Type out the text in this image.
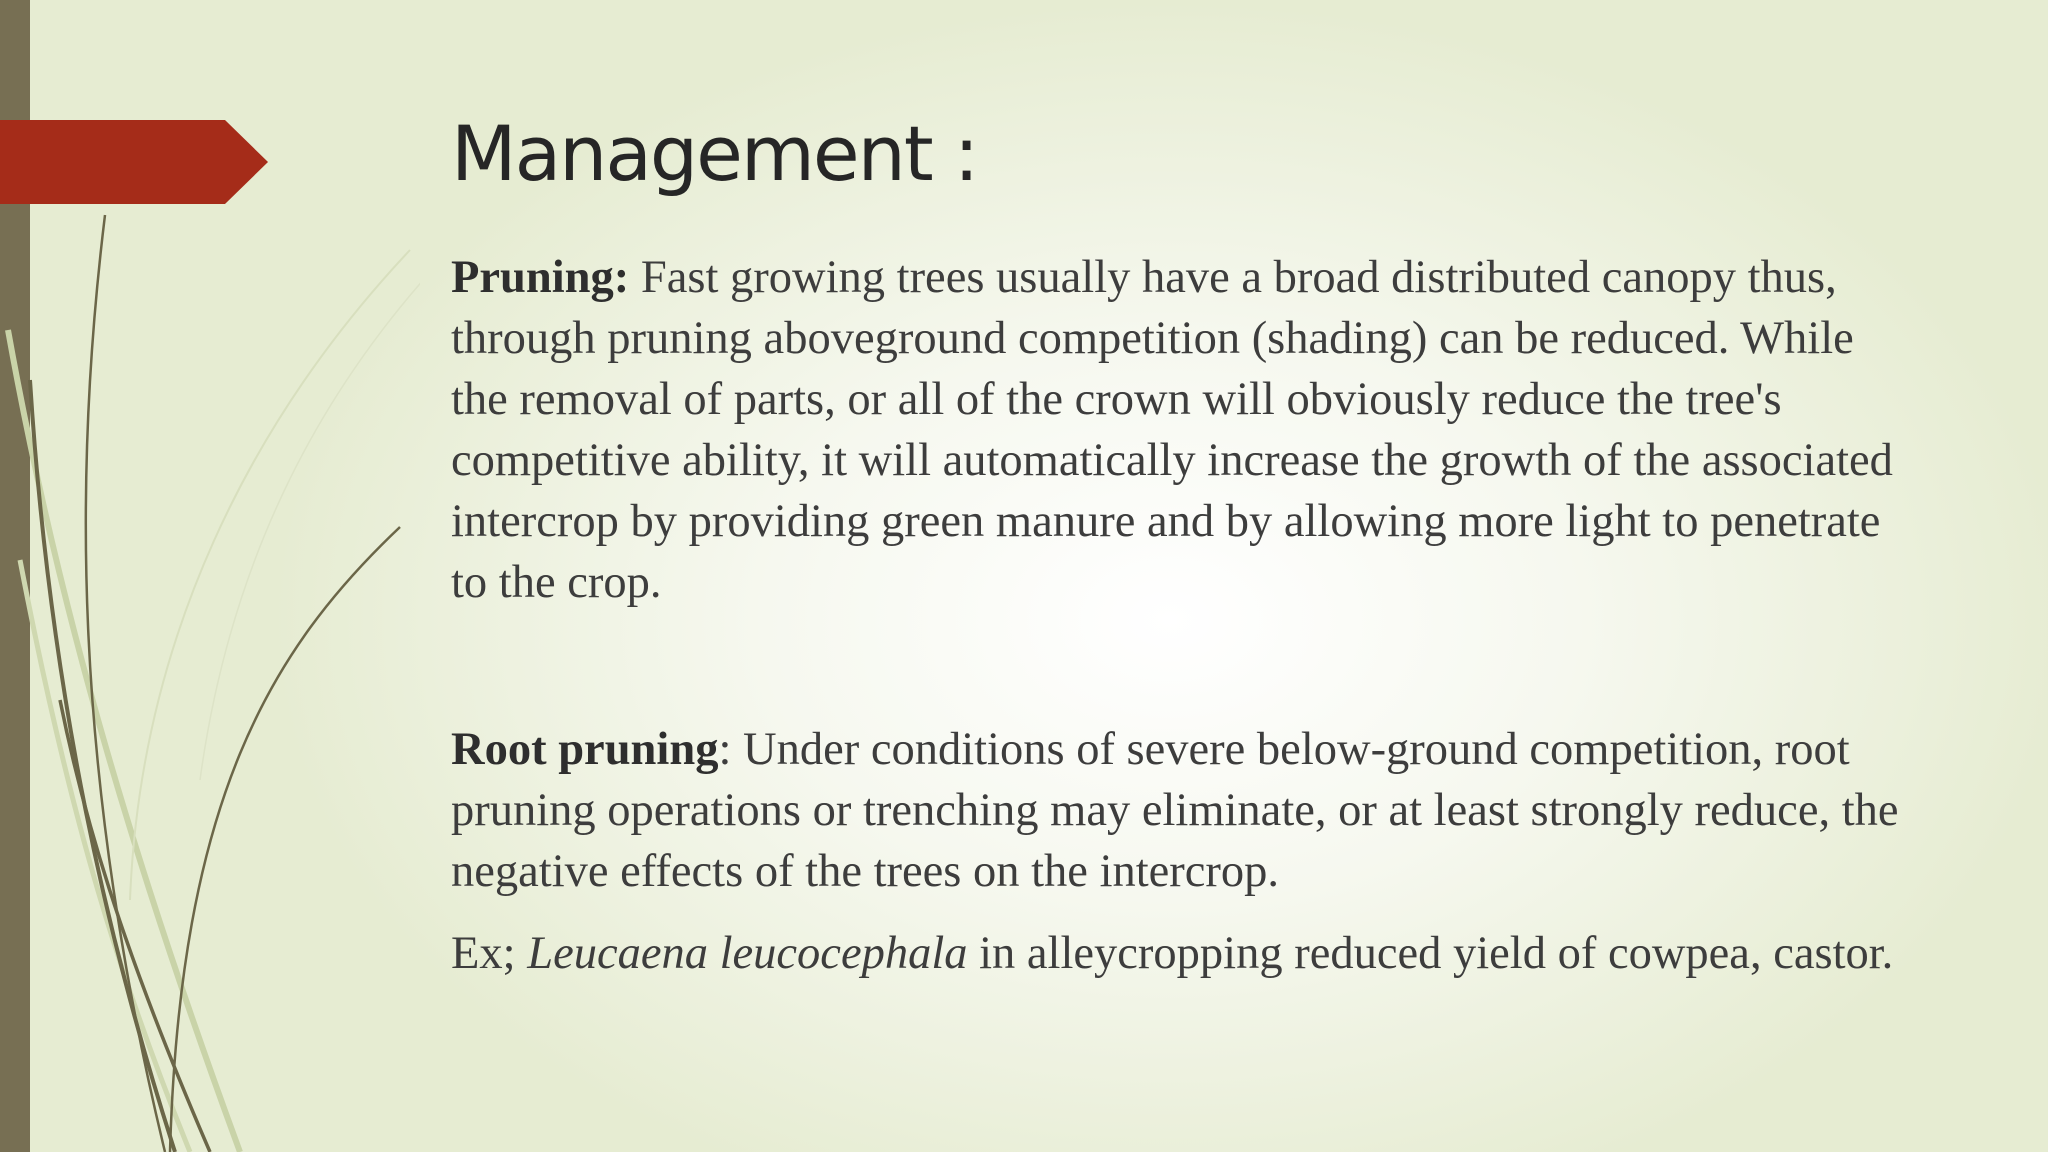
Management :

Pruning: Fast growing trees usually have a broad distributed canopy thus, through pruning aboveground competition (shading) can be reduced. While the removal of parts, or all of the crown will obviously reduce the tree's competitive ability, it will automatically increase the growth of the associated intercrop by providing green manure and by allowing more light to penetrate to the crop.

Root pruning: Under conditions of severe below-ground competition, root pruning operations or trenching may eliminate, or at least strongly reduce, the negative effects of the trees on the intercrop.

Ex; Leucaena leucocephala in alleycropping reduced yield of cowpea, castor.
